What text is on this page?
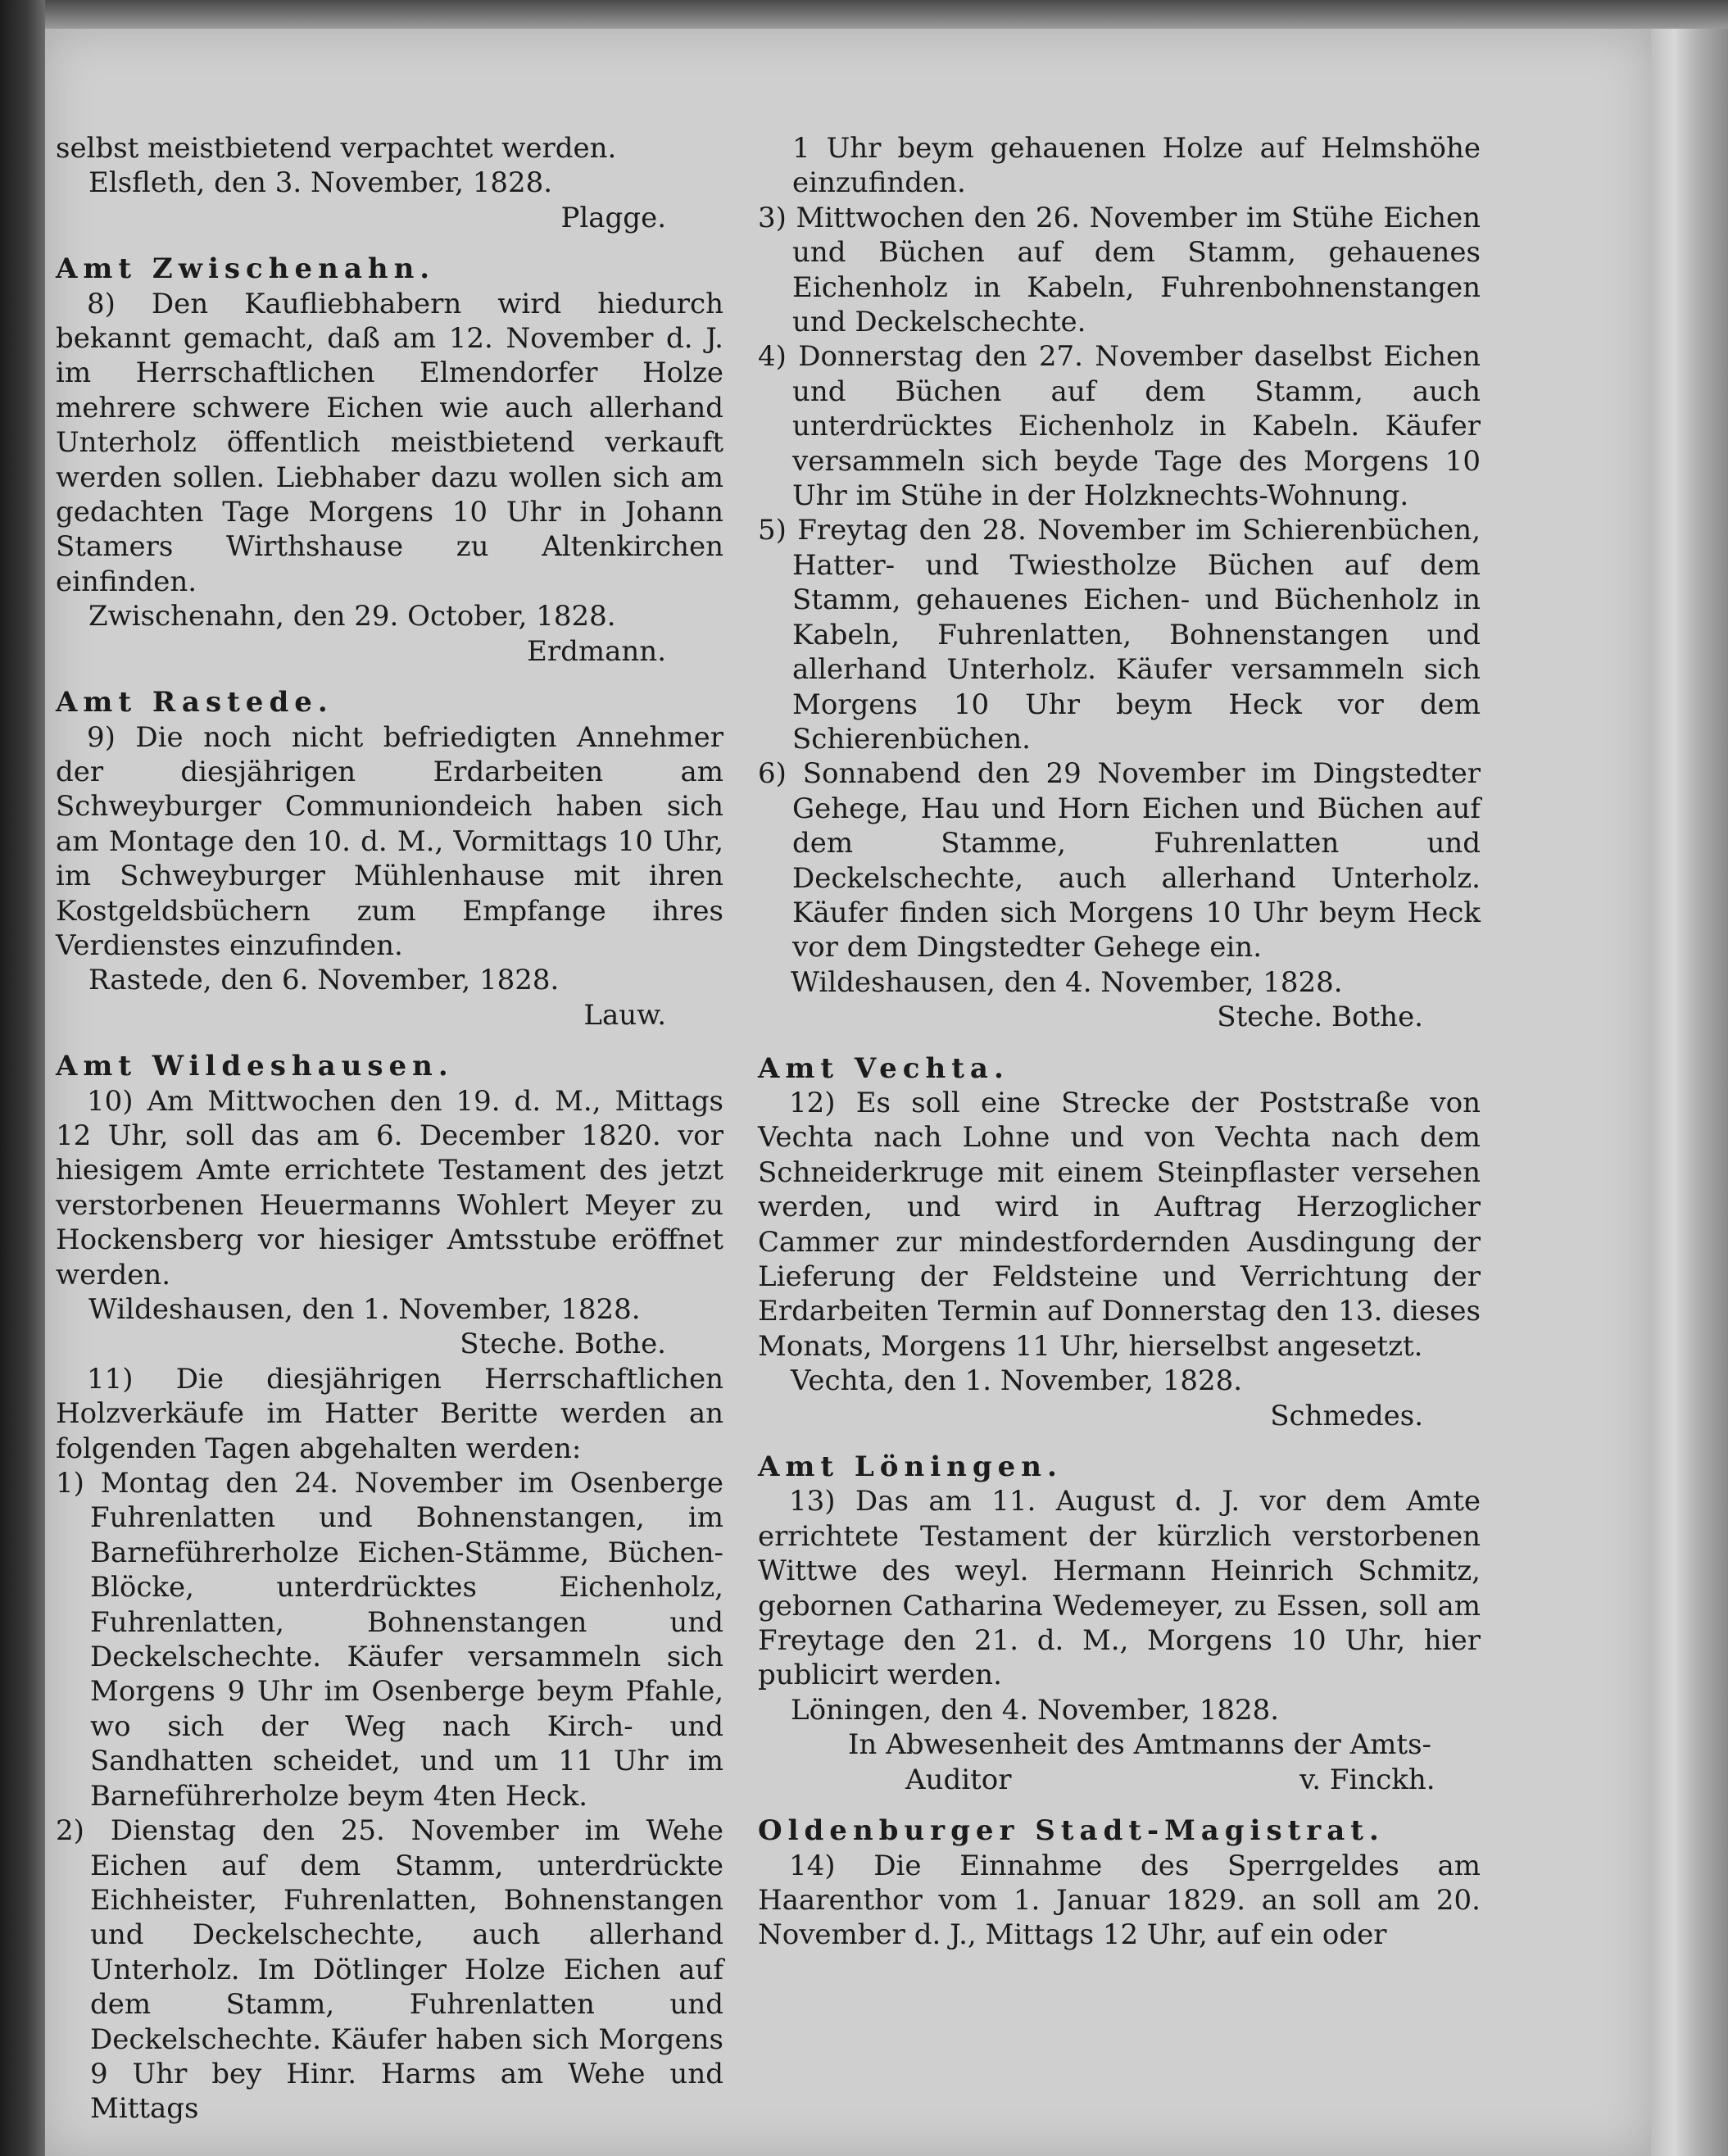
selbst meistbietend verpachtet werden.

Elsfleth, den 3. November, 1828.

Plagge.

Amt Zwischenahn.

8) Den Kaufliebhabern wird hiedurch bekannt gemacht, daß am 12. November d. J. im Herrschaftlichen Elmendorfer Holze mehrere schwere Eichen wie auch allerhand Unterholz öffentlich meistbietend verkauft werden sollen. Liebhaber dazu wollen sich am gedachten Tage Morgens 10 Uhr in Johann Stamers Wirthshause zu Altenkirchen einfinden.

Zwischenahn, den 29. October, 1828.

Erdmann.

Amt Rastede.

9) Die noch nicht befriedigten Annehmer der diesjährigen Erdarbeiten am Schweyburger Communiondeich haben sich am Montage den 10. d. M., Vormittags 10 Uhr, im Schweyburger Mühlenhause mit ihren Kostgeldsbüchern zum Empfange ihres Verdienstes einzufinden.

Rastede, den 6. November, 1828.

Lauw.

Amt Wildeshausen.

10) Am Mittwochen den 19. d. M., Mittags 12 Uhr, soll das am 6. December 1820. vor hiesigem Amte errichtete Testament des jetzt verstorbenen Heuermanns Wohlert Meyer zu Hockensberg vor hiesiger Amtsstube eröffnet werden.

Wildeshausen, den 1. November, 1828.

Steche. Bothe.

11) Die diesjährigen Herrschaftlichen Holzverkäufe im Hatter Beritte werden an folgenden Tagen abgehalten werden:

1) Montag den 24. November im Osenberge Fuhrenlatten und Bohnenstangen, im Barneführerholze Eichen-Stämme, Büchen-Blöcke, unterdrücktes Eichenholz, Fuhrenlatten, Bohnenstangen und Deckelschechte. Käufer versammeln sich Morgens 9 Uhr im Osenberge beym Pfahle, wo sich der Weg nach Kirch- und Sandhatten scheidet, und um 11 Uhr im Barneführerholze beym 4ten Heck.

2) Dienstag den 25. November im Wehe Eichen auf dem Stamm, unterdrückte Eichheister, Fuhrenlatten, Bohnenstangen und Deckelschechte, auch allerhand Unterholz. Im Dötlinger Holze Eichen auf dem Stamm, Fuhrenlatten und Deckelschechte. Käufer haben sich Morgens 9 Uhr bey Hinr. Harms am Wehe und Mittags

1 Uhr beym gehauenen Holze auf Helmshöhe einzufinden.

3) Mittwochen den 26. November im Stühe Eichen und Büchen auf dem Stamm, gehauenes Eichenholz in Kabeln, Fuhrenbohnenstangen und Deckelschechte.

4) Donnerstag den 27. November daselbst Eichen und Büchen auf dem Stamm, auch unterdrücktes Eichenholz in Kabeln. Käufer versammeln sich beyde Tage des Morgens 10 Uhr im Stühe in der Holzknechts-Wohnung.

5) Freytag den 28. November im Schierenbüchen, Hatter- und Twiestholze Büchen auf dem Stamm, gehauenes Eichen- und Büchenholz in Kabeln, Fuhrenlatten, Bohnenstangen und allerhand Unterholz. Käufer versammeln sich Morgens 10 Uhr beym Heck vor dem Schierenbüchen.

6) Sonnabend den 29 November im Dingstedter Gehege, Hau und Horn Eichen und Büchen auf dem Stamme, Fuhrenlatten und Deckelschechte, auch allerhand Unterholz. Käufer finden sich Morgens 10 Uhr beym Heck vor dem Dingstedter Gehege ein.

Wildeshausen, den 4. November, 1828.

Steche. Bothe.

Amt Vechta.

12) Es soll eine Strecke der Poststraße von Vechta nach Lohne und von Vechta nach dem Schneiderkruge mit einem Steinpflaster versehen werden, und wird in Auftrag Herzoglicher Cammer zur mindestfordernden Ausdingung der Lieferung der Feldsteine und Verrichtung der Erdarbeiten Termin auf Donnerstag den 13. dieses Monats, Morgens 11 Uhr, hierselbst angesetzt.

Vechta, den 1. November, 1828.

Schmedes.

Amt Löningen.

13) Das am 11. August d. J. vor dem Amte errichtete Testament der kürzlich verstorbenen Wittwe des weyl. Hermann Heinrich Schmitz, gebornen Catharina Wedemeyer, zu Essen, soll am Freytage den 21. d. M., Morgens 10 Uhr, hier publicirt werden.

Löningen, den 4. November, 1828.

In Abwesenheit des Amtmanns der Amts-

Auditor	v. Finckh.

Oldenburger Stadt-Magistrat.

14) Die Einnahme des Sperrgeldes am Haarenthor vom 1. Januar 1829. an soll am 20. November d. J., Mittags 12 Uhr, auf ein oder
